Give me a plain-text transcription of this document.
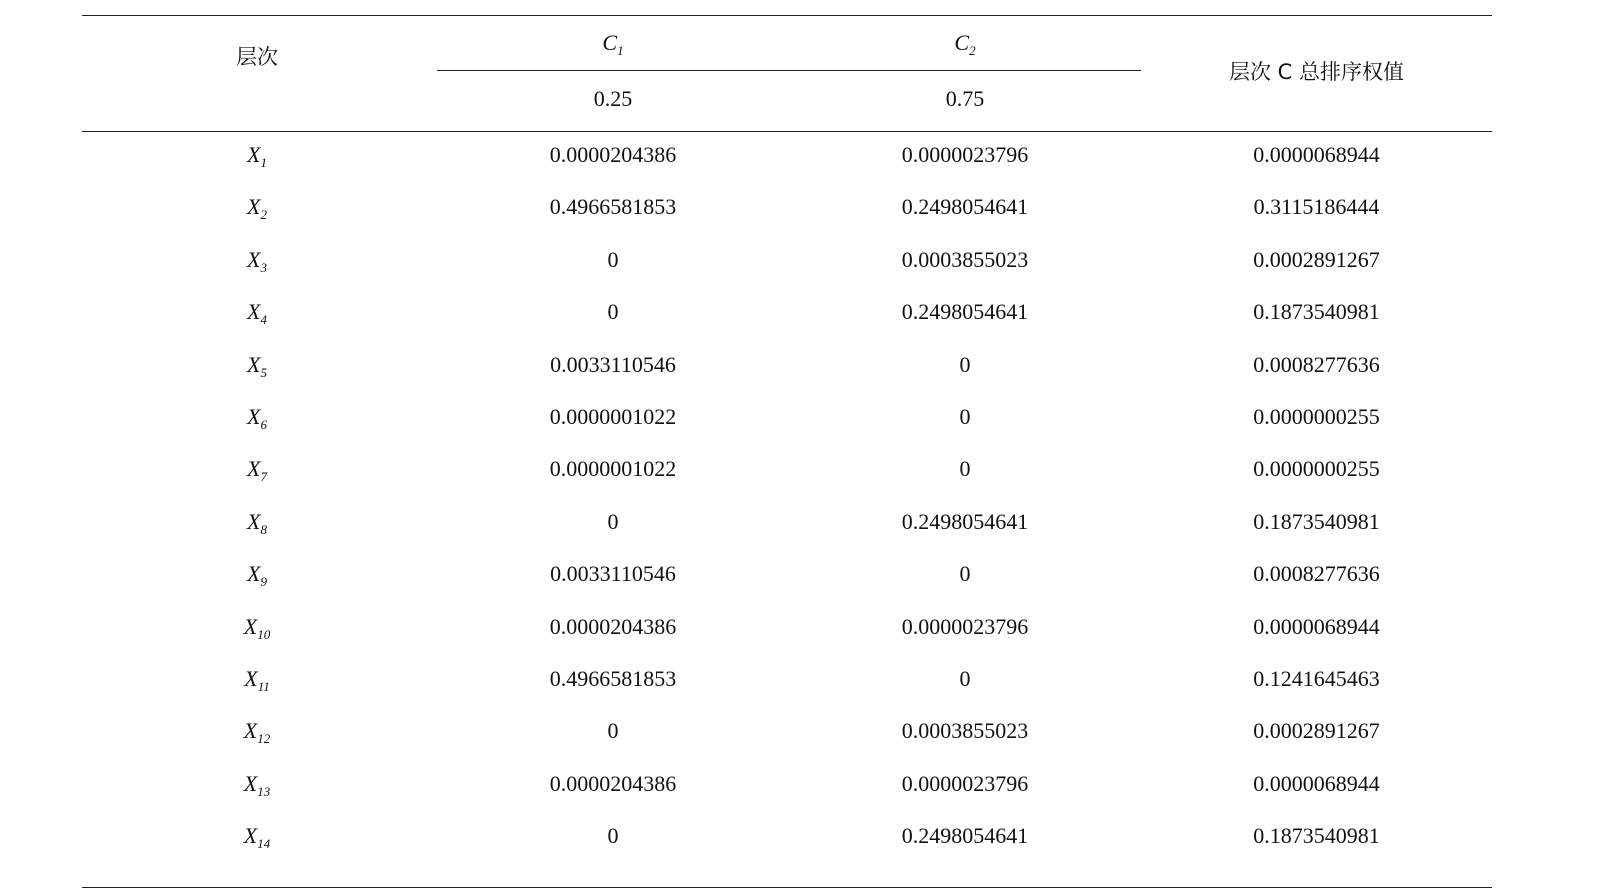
层次
$C_1$	$C_2$
0.25	0.75
层次 C 总排序权值
$X_1$	0.0000204386	0.0000023796	0.0000068944
$X_2$	0.4966581853	0.2498054641	0.3115186444
$X_3$	0	0.0003855023	0.0002891267
$X_4$	0	0.2498054641	0.1873540981
$X_5$	0.0033110546	0	0.0008277636
$X_6$	0.0000001022	0	0.0000000255
$X_7$	0.0000001022	0	0.0000000255
$X_8$	0	0.2498054641	0.1873540981
$X_9$	0.0033110546	0	0.0008277636
$X_{10}$	0.0000204386	0.0000023796	0.0000068944
$X_{11}$	0.4966581853	0	0.1241645463
$X_{12}$	0	0.0003855023	0.0002891267
$X_{13}$	0.0000204386	0.0000023796	0.0000068944
$X_{14}$	0	0.2498054641	0.1873540981
